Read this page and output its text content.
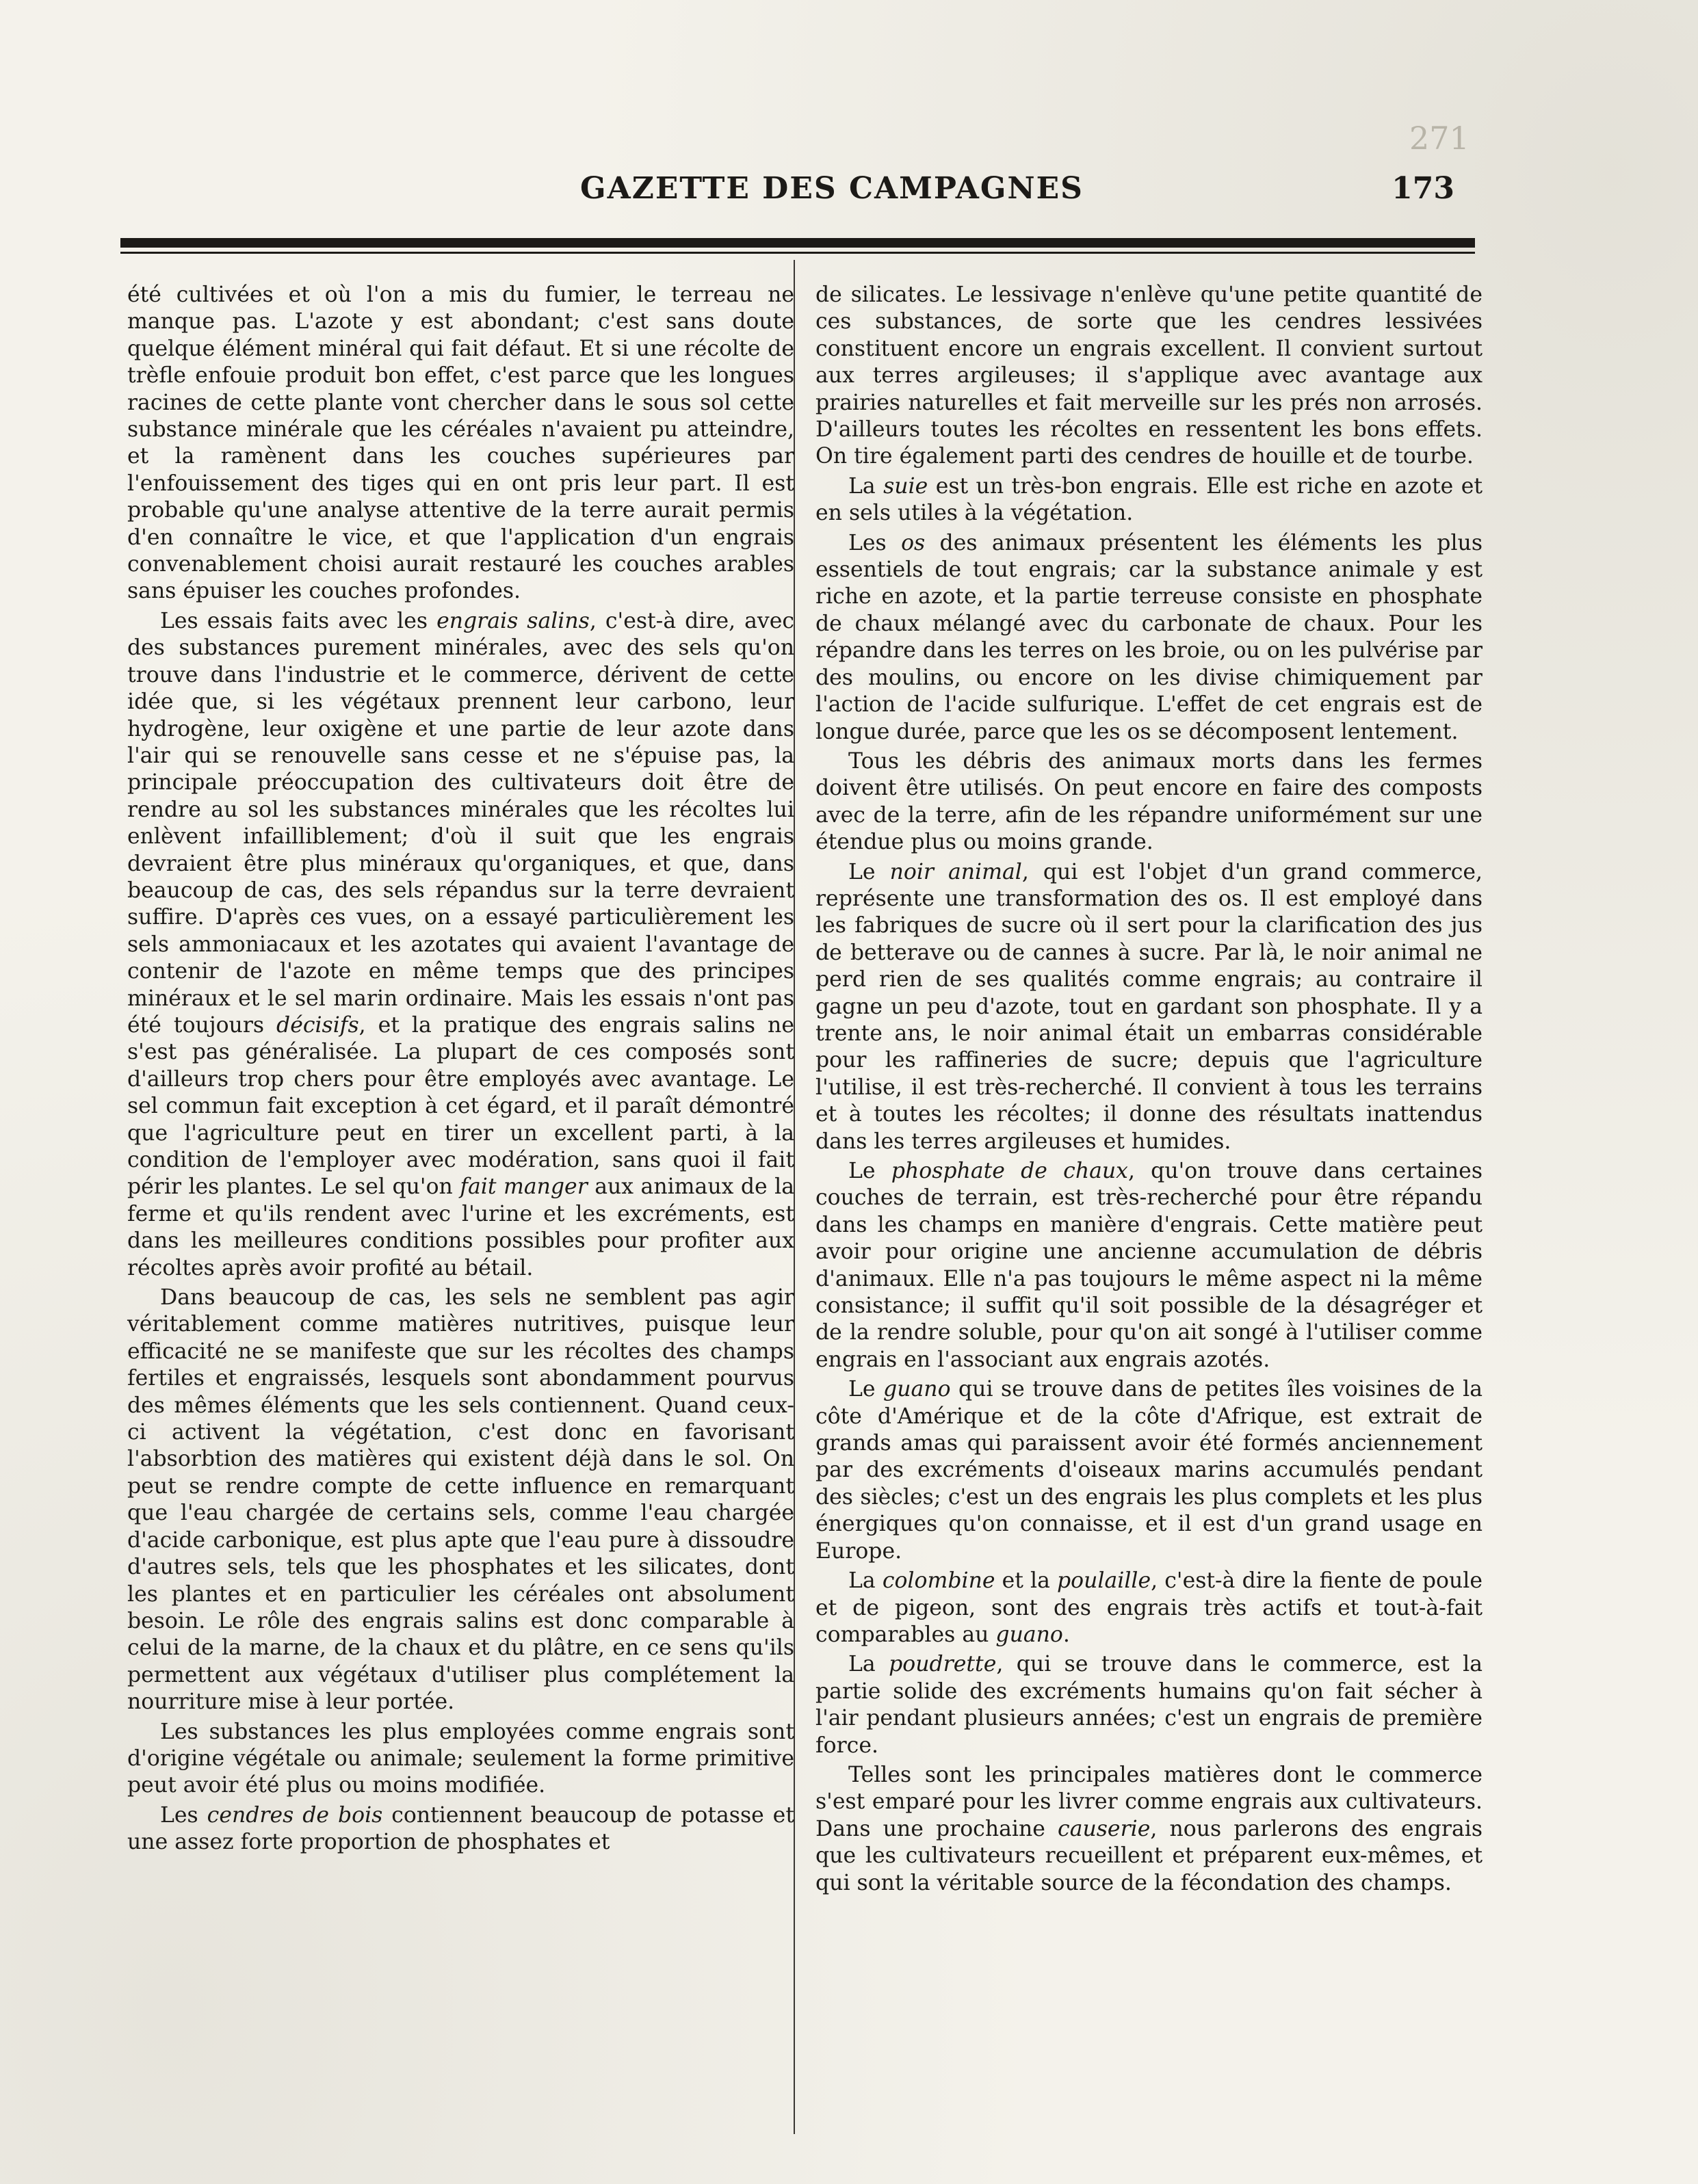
271
GAZETTE DES CAMPAGNES	173

été cultivées et où l'on a mis du fumier, le terreau ne manque pas. L'azote y est abondant; c'est sans doute quelque élément minéral qui fait défaut. Et si une récolte de trèfle enfouie produit bon effet, c'est parce que les longues racines de cette plante vont chercher dans le sous sol cette substance minérale que les céréales n'avaient pu atteindre, et la ramènent dans les couches supérieures par l'enfouissement des tiges qui en ont pris leur part. Il est probable qu'une analyse attentive de la terre aurait permis d'en connaître le vice, et que l'application d'un engrais convenablement choisi aurait restauré les couches arables sans épuiser les couches profondes.

Les essais faits avec les engrais salins, c'est-à dire, avec des substances purement minérales, avec des sels qu'on trouve dans l'industrie et le commerce, dérivent de cette idée que, si les végétaux prennent leur carbono, leur hydrogène, leur oxigène et une partie de leur azote dans l'air qui se renouvelle sans cesse et ne s'épuise pas, la principale préoccupation des cultivateurs doit être de rendre au sol les substances minérales que les récoltes lui enlèvent infailliblement; d'où il suit que les engrais devraient être plus minéraux qu'organiques, et que, dans beaucoup de cas, des sels répandus sur la terre devraient suffire. D'après ces vues, on a essayé particulièrement les sels ammoniacaux et les azotates qui avaient l'avantage de contenir de l'azote en même temps que des principes minéraux et le sel marin ordinaire. Mais les essais n'ont pas été toujours décisifs, et la pratique des engrais salins ne s'est pas généralisée. La plupart de ces composés sont d'ailleurs trop chers pour être employés avec avantage. Le sel commun fait exception à cet égard, et il paraît démontré que l'agriculture peut en tirer un excellent parti, à la condition de l'employer avec modération, sans quoi il fait périr les plantes. Le sel qu'on fait manger aux animaux de la ferme et qu'ils rendent avec l'urine et les excréments, est dans les meilleures conditions possibles pour profiter aux récoltes après avoir profité au bétail.

Dans beaucoup de cas, les sels ne semblent pas agir véritablement comme matières nutritives, puisque leur efficacité ne se manifeste que sur les récoltes des champs fertiles et engraissés, lesquels sont abondamment pourvus des mêmes éléments que les sels contiennent. Quand ceux-ci activent la végétation, c'est donc en favorisant l'absorbtion des matières qui existent déjà dans le sol. On peut se rendre compte de cette influence en remarquant que l'eau chargée de certains sels, comme l'eau chargée d'acide carbonique, est plus apte que l'eau pure à dissoudre d'autres sels, tels que les phosphates et les silicates, dont les plantes et en particulier les céréales ont absolument besoin. Le rôle des engrais salins est donc comparable à celui de la marne, de la chaux et du plâtre, en ce sens qu'ils permettent aux végétaux d'utiliser plus complétement la nourriture mise à leur portée.

Les substances les plus employées comme engrais sont d'origine végétale ou animale; seulement la forme primitive peut avoir été plus ou moins modifiée.

Les cendres de bois contiennent beaucoup de potasse et une assez forte proportion de phosphates et

de silicates. Le lessivage n'enlève qu'une petite quantité de ces substances, de sorte que les cendres lessivées constituent encore un engrais excellent. Il convient surtout aux terres argileuses; il s'applique avec avantage aux prairies naturelles et fait merveille sur les prés non arrosés. D'ailleurs toutes les récoltes en ressentent les bons effets. On tire également parti des cendres de houille et de tourbe.

La suie est un très-bon engrais. Elle est riche en azote et en sels utiles à la végétation.

Les os des animaux présentent les éléments les plus essentiels de tout engrais; car la substance animale y est riche en azote, et la partie terreuse consiste en phosphate de chaux mélangé avec du carbonate de chaux. Pour les répandre dans les terres on les broie, ou on les pulvérise par des moulins, ou encore on les divise chimiquement par l'action de l'acide sulfurique. L'effet de cet engrais est de longue durée, parce que les os se décomposent lentement.

Tous les débris des animaux morts dans les fermes doivent être utilisés. On peut encore en faire des composts avec de la terre, afin de les répandre uniformément sur une étendue plus ou moins grande.

Le noir animal, qui est l'objet d'un grand commerce, représente une transformation des os. Il est employé dans les fabriques de sucre où il sert pour la clarification des jus de betterave ou de cannes à sucre. Par là, le noir animal ne perd rien de ses qualités comme engrais; au contraire il gagne un peu d'azote, tout en gardant son phosphate. Il y a trente ans, le noir animal était un embarras considérable pour les raffineries de sucre; depuis que l'agriculture l'utilise, il est très-recherché. Il convient à tous les terrains et à toutes les récoltes; il donne des résultats inattendus dans les terres argileuses et humides.

Le phosphate de chaux, qu'on trouve dans certaines couches de terrain, est très-recherché pour être répandu dans les champs en manière d'engrais. Cette matière peut avoir pour origine une ancienne accumulation de débris d'animaux. Elle n'a pas toujours le même aspect ni la même consistance; il suffit qu'il soit possible de la désagréger et de la rendre soluble, pour qu'on ait songé à l'utiliser comme engrais en l'associant aux engrais azotés.

Le guano qui se trouve dans de petites îles voisines de la côte d'Amérique et de la côte d'Afrique, est extrait de grands amas qui paraissent avoir été formés anciennement par des excréments d'oiseaux marins accumulés pendant des siècles; c'est un des engrais les plus complets et les plus énergiques qu'on connaisse, et il est d'un grand usage en Europe.

La colombine et la poulaille, c'est-à dire la fiente de poule et de pigeon, sont des engrais très actifs et tout-à-fait comparables au guano.

La poudrette, qui se trouve dans le commerce, est la partie solide des excréments humains qu'on fait sécher à l'air pendant plusieurs années; c'est un engrais de première force.

Telles sont les principales matières dont le commerce s'est emparé pour les livrer comme engrais aux cultivateurs. Dans une prochaine causerie, nous parlerons des engrais que les cultivateurs recueillent et préparent eux-mêmes, et qui sont la véritable source de la fécondation des champs.
